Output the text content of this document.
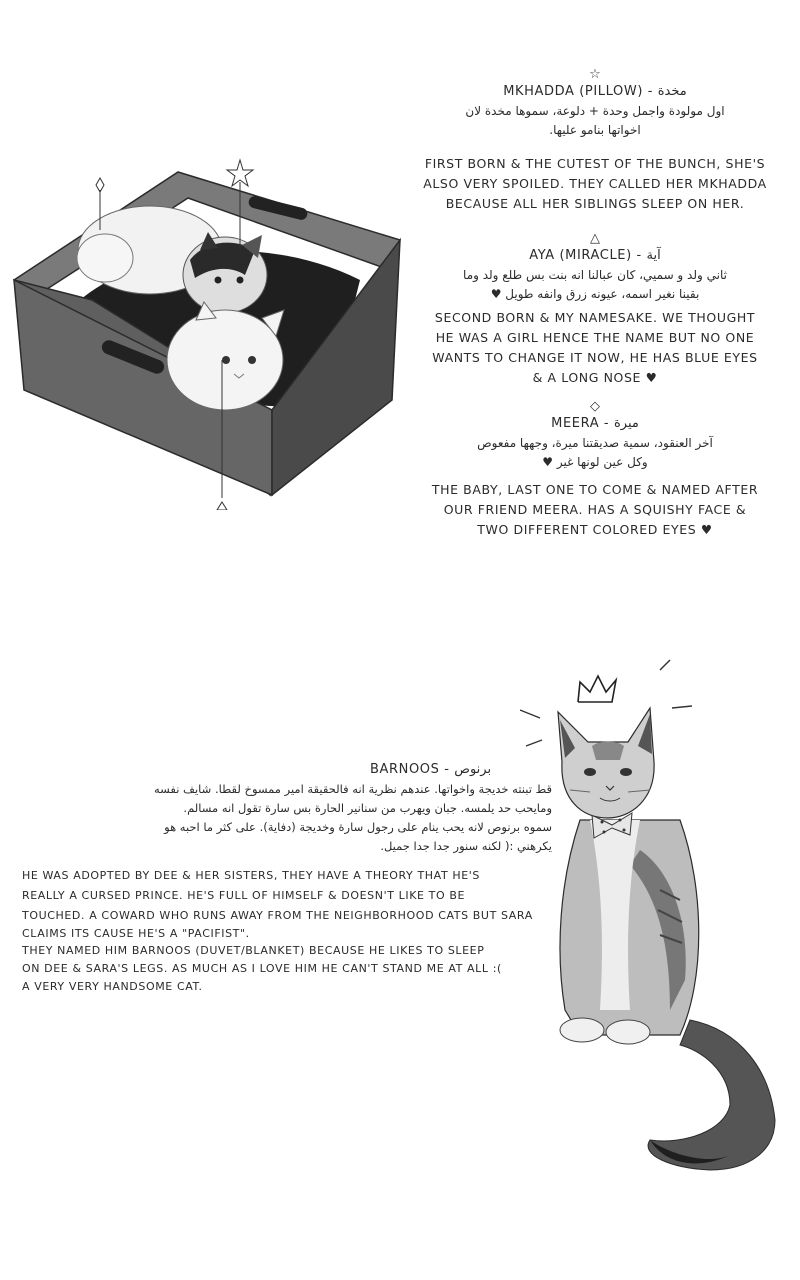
☆
MKHADDA (PILLOW) - مخدة
اول مولودة واجمل وحدة + دلوعة، سموها مخدة لان
اخواتها بنامو عليها.
FIRST BORN & THE CUTEST OF THE BUNCH, SHE'S
ALSO VERY SPOILED. THEY CALLED HER MKHADDA
BECAUSE ALL HER SIBLINGS SLEEP ON HER.
△
AYA (MIRACLE) - آية
ثاني ولد و سميي، كان عبالنا انه بنت بس طلع ولد وما
بقينا نغير اسمه، عيونه زرق وانفه طويل ♥
SECOND BORN & MY NAMESAKE. WE THOUGHT
HE WAS A GIRL HENCE THE NAME BUT NO ONE
WANTS TO CHANGE IT NOW, HE HAS BLUE EYES
& A LONG NOSE ♥
◇
MEERA - ميرة
آخر العنقود، سمية صديقتنا ميرة، وجهها مفعوص
وكل عين لونها غير ♥
THE BABY, LAST ONE TO COME & NAMED AFTER
OUR FRIEND MEERA. HAS A SQUISHY FACE &
TWO DIFFERENT COLORED EYES ♥
BARNOOS - برنوص
قط تبنته خديجة واخواتها. عندهم نظرية انه فالحقيقة امير ممسوخ لقطا. شايف نفسه
ومايحب حد يلمسه. جبان ويهرب من سنانير الحارة بس سارة تقول انه مسالم.
سموه برنوص لانه يحب ينام على رجول سارة وخديجة (دفاية). على كثر ما احبه هو
يكرهني :( لكنه سنور جدا جدا جميل.
HE WAS ADOPTED BY DEE & HER SISTERS, THEY HAVE A THEORY THAT HE'S
REALLY A CURSED PRINCE. HE'S FULL OF HIMSELF & DOESN'T LIKE TO BE
TOUCHED. A COWARD WHO RUNS AWAY FROM THE NEIGHBORHOOD CATS BUT SARA
CLAIMS ITS CAUSE HE'S A "PACIFIST".
THEY NAMED HIM BARNOOS (DUVET/BLANKET) BECAUSE HE LIKES TO SLEEP
ON DEE & SARA'S LEGS. AS MUCH AS I LOVE HIM HE CAN'T STAND ME AT ALL :(
A VERY VERY HANDSOME CAT.
